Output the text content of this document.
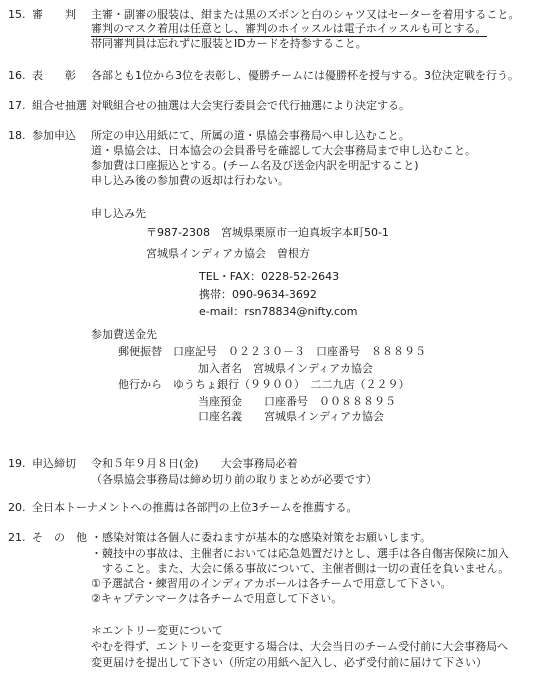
15. 審　　判 主審・副審の服装は、紺または黒のズボンと白のシャツ又はセーターを着用すること。
審判のマスク着用は任意とし、審判のホイッスルは電子ホイッスルも可とする。
帯同審判員は忘れずに服装とIDカードを持参すること。
16. 表　　彰 各部とも1位から3位を表彰し、優勝チームには優勝杯を授与する。3位決定戦を行う。
17. 組合せ抽選 対戦組合せの抽選は大会実行委員会で代行抽選により決定する。
18. 参加申込 所定の申込用紙にて、所属の道・県協会事務局へ申し込むこと。
道・県協会は、日本協会の会員番号を確認して大会事務局まで申し込むこと。
参加費は口座振込とする。(チーム名及び送金内訳を明記すること)
申し込み後の参加費の返却は行わない。
申し込み先
〒987-2308　宮城県栗原市一迫真坂字本町50-1
宮城県インディアカ協会　曽根方
TEL・FAX：0228-52-2643
携帯：090-9634-3692
e-mail：rsn78834@nifty.com
参加費送金先
郵便振替　口座記号　０２２３０－３　口座番号　８８８９５
加入者名　宮城県インディアカ協会
他行から　ゆうちょ銀行（９９００）　二二九店（２２９）
当座預金　　口座番号　００８８８９５
口座名義　　宮城県インディアカ協会
19. 申込締切 令和５年９月８日(金)　　大会事務局必着
（各県協会事務局は締め切り前の取りまとめが必要です）
20. 全日本トーナメントへの推薦は各部門の上位3チームを推薦する。
21. そ　の　他 ・感染対策は各個人に委ねますが基本的な感染対策をお願いします。
・競技中の事故は、主催者においては応急処置だけとし、選手は各自傷害保険に加入
　すること。また、大会に係る事故について、主催者側は一切の責任を負いません。
①予選試合・練習用のインディアカボールは各チームで用意して下さい。
②キャプテンマークは各チームで用意して下さい。
＊エントリー変更について
やむを得ず、エントリーを変更する場合は、大会当日のチーム受付前に大会事務局へ
変更届けを提出して下さい（所定の用紙へ記入し、必ず受付前に届けて下さい）
